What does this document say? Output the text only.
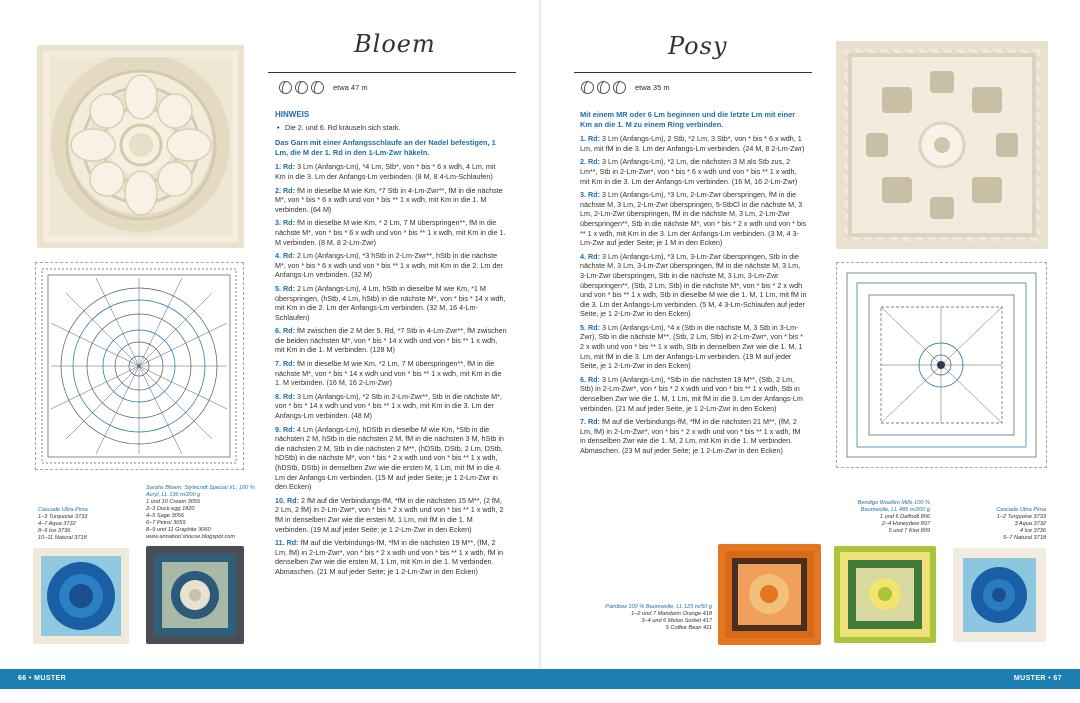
Cascade Ultra Pima
1–3 Turquoise 3733
4–7 Aqua 3732
8–9 Ice 3736
10–11 Natural 3718
Sarahs Bloem, Stylecraft Special XL, 100 % Acryl, LL 136 m/200 g
1 und 10 Cream 3055
2–3 Duck egg 1820
4–5 Sage 3056
6–7 Petrol 3059
8–9 und 11 Graphite 3060
www.annaboo'shouse.blogspot.com
Bloem
etwa 47 m
HINWEIS
• Die 2. und 6. Rd kräuseln sich stark.
Das Garn mit einer Anfangsschlaufe an der Nadel befestigen, 1 Lm, die M der 1. Rd in den 1-Lm-Zwr häkeln.

1. Rd: 3 Lm (Anfangs-Lm), *4 Lm, Stb*, von * bis * 6 x wdh, 4 Lm, mit Km in die 3. Lm der Anfangs-Lm verbinden. (8 M, 8 4-Lm-Schlaufen)

2. Rd: fM in dieselbe M wie Km, *7 Stb in 4-Lm-Zwr**, fM in die nächste M*, von * bis * 6 x wdh und von * bis ** 1 x wdh, mit Km in die 1. M verbinden. (64 M)

3. Rd: fM in dieselbe M wie Km, * 2 Lm, 7 M überspringen**, fM in die nächste M*, von * bis * 6 x wdh und von * bis ** 1 x wdh, mit Km in die 1. M verbinden. (8 M, 8 2-Lm-Zwr)

4. Rd: 2 Lm (Anfangs-Lm), *3 hStb in 2-Lm-Zwr**, hStb in die nächste M*, von * bis * 6 x wdh und von * bis ** 1 x wdh, mit Km in die 2. Lm der Anfangs-Lm verbinden. (32 M)

5. Rd: 2 Lm (Anfangs-Lm), 4 Lm, hStb in dieselbe M wie Km, *1 M überspringen, (hStb, 4 Lm, hStb) in die nächste M*, von * bis * 14 x wdh, mit Km in die 2. Lm der Anfangs-Lm verbinden. (32 M, 16 4-Lm-Schlaufen)

6. Rd: fM zwischen die 2 M der 5. Rd, *7 Stb in 4-Lm-Zwr**, fM zwischen die beiden nächsten M*, von * bis * 14 x wdh und von * bis ** 1 x wdh, mit Km in die 1. M verbinden. (128 M)

7. Rd: fM in dieselbe M wie Km, *2 Lm, 7 M überspringen**, fM in die nächste M*, von * bis * 14 x wdh und von * bis ** 1 x wdh, mit Km in die 1. M verbinden. (16 M, 16 2-Lm-Zwr)

8. Rd: 3 Lm (Anfangs-Lm), *2 Stb in 2-Lm-Zwr**, Stb in die nächste M*, von * bis * 14 x wdh und von * bis ** 1 x wdh, mit Km in die 3. Lm der Anfangs-Lm verbinden. (48 M)

9. Rd: 4 Lm (Anfangs-Lm), hDStb in dieselbe M wie Km, *Stb in die nächsten 2 M, hStb in die nächsten 2 M, fM in die nächsten 3 M, hStb in die nächsten 2 M, Stb in die nächsten 2 M**, (hDStb, DStb, 2 Lm, DStb, hDStb) in die nächste M*, von * bis * 2 x wdh und von * bis ** 1 x wdh, (hDStb, DStb) in denselben Zwr wie die ersten M, 1 Lm, mit fM in die 4. Lm der Anfangs-Lm verbinden. (15 M auf jeder Seite; je 1 2-Lm-Zwr in den Ecken)

10. Rd: 2 fM auf die Verbindungs-fM, *fM in die nächsten 15 M**, (2 fM, 2 Lm, 2 fM) in 2-Lm-Zwr*, von * bis * 2 x wdh und von * bis ** 1 x wdh, 2 fM in denselben Zwr wie die ersten M, 1 Lm, mit fM in die 1. M verbinden. (19 M auf jeder Seite; je 1 2-Lm-Zwr in den Ecken)

11. Rd: fM auf die Verbindungs-fM, *fM in die nächsten 19 M**, (fM, 2 Lm, fM) in 2-Lm-Zwr*, von * bis * 2 x wdh und von * bis ** 1 x wdh, fM in denselben Zwr wie die ersten M, 1 Lm, mit Km in die 1. M verbinden. Abmaschen. (21 M auf jeder Seite; je 1 2-Lm-Zwr in den Ecken)

Posy
etwa 35 m
Mit einem MR oder 6 Lm beginnen und die letzte Lm mit einer Km an die 1. M zu einem Ring verbinden.

1. Rd: 3 Lm (Anfangs-Lm), 2 Stb, *2 Lm, 3 Stb*, von * bis * 6 x wdh, 1 Lm, mit fM in die 3. Lm der Anfangs-Lm verbinden. (24 M, 8 2-Lm-Zwr)

2. Rd: 3 Lm (Anfangs-Lm), *2 Lm, die nächsten 3 M als Stb zus, 2 Lm**, Stb in 2-Lm-Zwr*, von * bis * 6 x wdh und von * bis ** 1 x wdh, mit Km in die 3. Lm der Anfangs-Lm verbinden. (16 M, 16 2-Lm-Zwr)

3. Rd: 3 Lm (Anfangs-Lm), *3 Lm, 2-Lm-Zwr überspringen, fM in die nächste M, 3 Lm, 2-Lm-Zwr überspringen, 5-StbCl in die nächste M, 3 Lm, 2-Lm-Zwr überspringen, fM in die nächste M, 3 Lm, 2-Lm-Zwr überspringen**, Stb in die nächste M*, von * bis * 2 x wdh und von * bis ** 1 x wdh, mit Km in die 3. Lm der Anfangs-Lm verbinden. (3 M, 4 3-Lm-Zwr auf jeder Seite; je 1 M in den Ecken)

4. Rd: 3 Lm (Anfangs-Lm), *3 Lm, 3-Lm-Zwr überspringen, Stb in die nächste M, 3 Lm, 3-Lm-Zwr überspringen, fM in die nächste M, 3 Lm, 3-Lm-Zwr überspringen, Stb in die nächste M, 3 Lm, 3-Lm-Zwr überspringen**, (Stb, 2 Lm, Stb) in die nächste M*, von * bis * 2 x wdh und von * bis ** 1 x wdh, Stb in dieselbe M wie die 1. M, 1 Lm, mit fM in die 3. Lm der Anfangs-Lm verbinden. (5 M, 4 3-Lm-Schlaufen auf jeder Seite, je 1 2-Lm-Zwr in den Ecken)

5. Rd: 3 Lm (Anfangs-Lm), *4 x (Stb in die nächste M, 3 Stb in 3-Lm-Zwr), Stb in die nächste M**, (Stb, 2 Lm, Stb) in 2-Lm-Zwr*, von * bis * 2 x wdh und von * bis ** 1 x wdh, Stb in denselben Zwr wie die 1. M, 1 Lm, mit fM in die 3. Lm der Anfangs-Lm verbinden. (19 M auf jeder Seite, je 1 2-Lm-Zwr in den Ecken)

6. Rd: 3 Lm (Anfangs-Lm), *Stb in die nächsten 19 M**, (Stb, 2 Lm, Stb) in 2-Lm-Zwr*, von * bis * 2 x wdh und von * bis ** 1 x wdh, Stb in denselben Zwr wie die 1. M, 1 Lm, mit fM in die 3. Lm der Anfangs-Lm verbinden. (21 M auf jeder Seite, je 1 2-Lm-Zwr in den Ecken)

7. Rd: fM auf die Verbindungs-fM, *fM in die nächsten 21 M**, (fM, 2 Lm, fM) in 2-Lm-Zwr*, von * bis * 2 x wdh und von * bis ** 1 x wdh, fM in denselben Zwr wie die 1. M, 2 Lm, mit Km in die 1. M verbinden. Abmaschen. (23 M auf jeder Seite; je 1 2-Lm-Zwr in den Ecken)

Paintbox 100 % Baumwolle, LL 125 m/50 g
1–2 und 7 Mandarin Orange 418
3–4 und 6 Melon Sorbet 417
5 Coffee Bean 411
Bendigo Woollen Mills 100 % Baumwolle, LL 485 m/200 g
1 und 6 Daffodil 806
2–4 Honeydew 897
5 und 7 Kiwi 809
Cascade Ultra Pima
1–2 Turquoise 3733
3 Aqua 3732
4 Ice 3736
5–7 Natural 3718
66 • MUSTER	MUSTER • 67
